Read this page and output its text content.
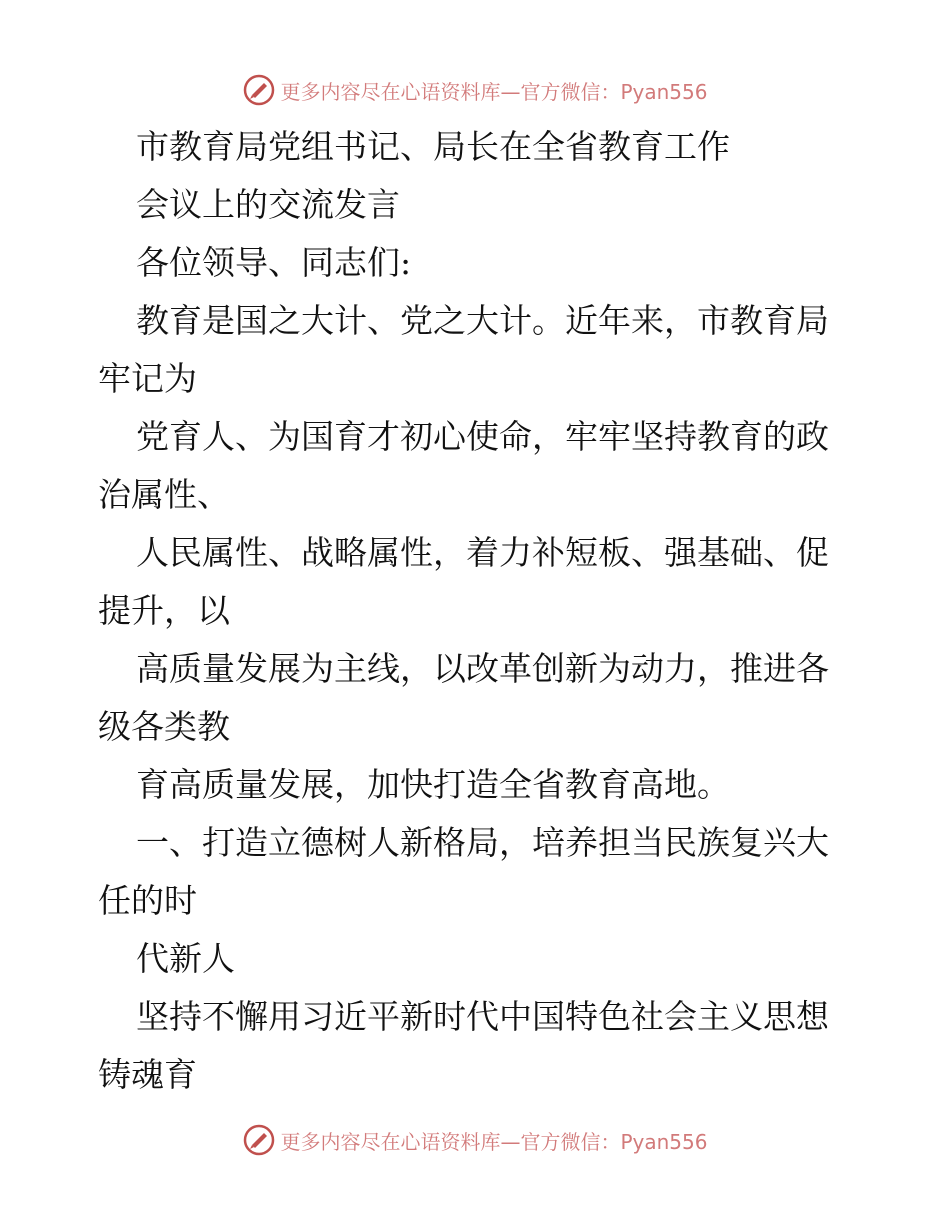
更多内容尽在心语资料库—官方微信：Pyan556

市教育局党组书记、局长在全省教育工作

会议上的交流发言

各位领导、同志们:

教育是国之大计、党之大计。近年来，市教育局牢记为

党育人、为国育才初心使命，牢牢坚持教育的政治属性、

人民属性、战略属性，着力补短板、强基础、促提升，以

高质量发展为主线，以改革创新为动力，推进各级各类教

育高质量发展，加快打造全省教育高地。

一、打造立德树人新格局，培养担当民族复兴大任的时

代新人

坚持不懈用习近平新时代中国特色社会主义思想铸魂育

更多内容尽在心语资料库—官方微信：Pyan556
